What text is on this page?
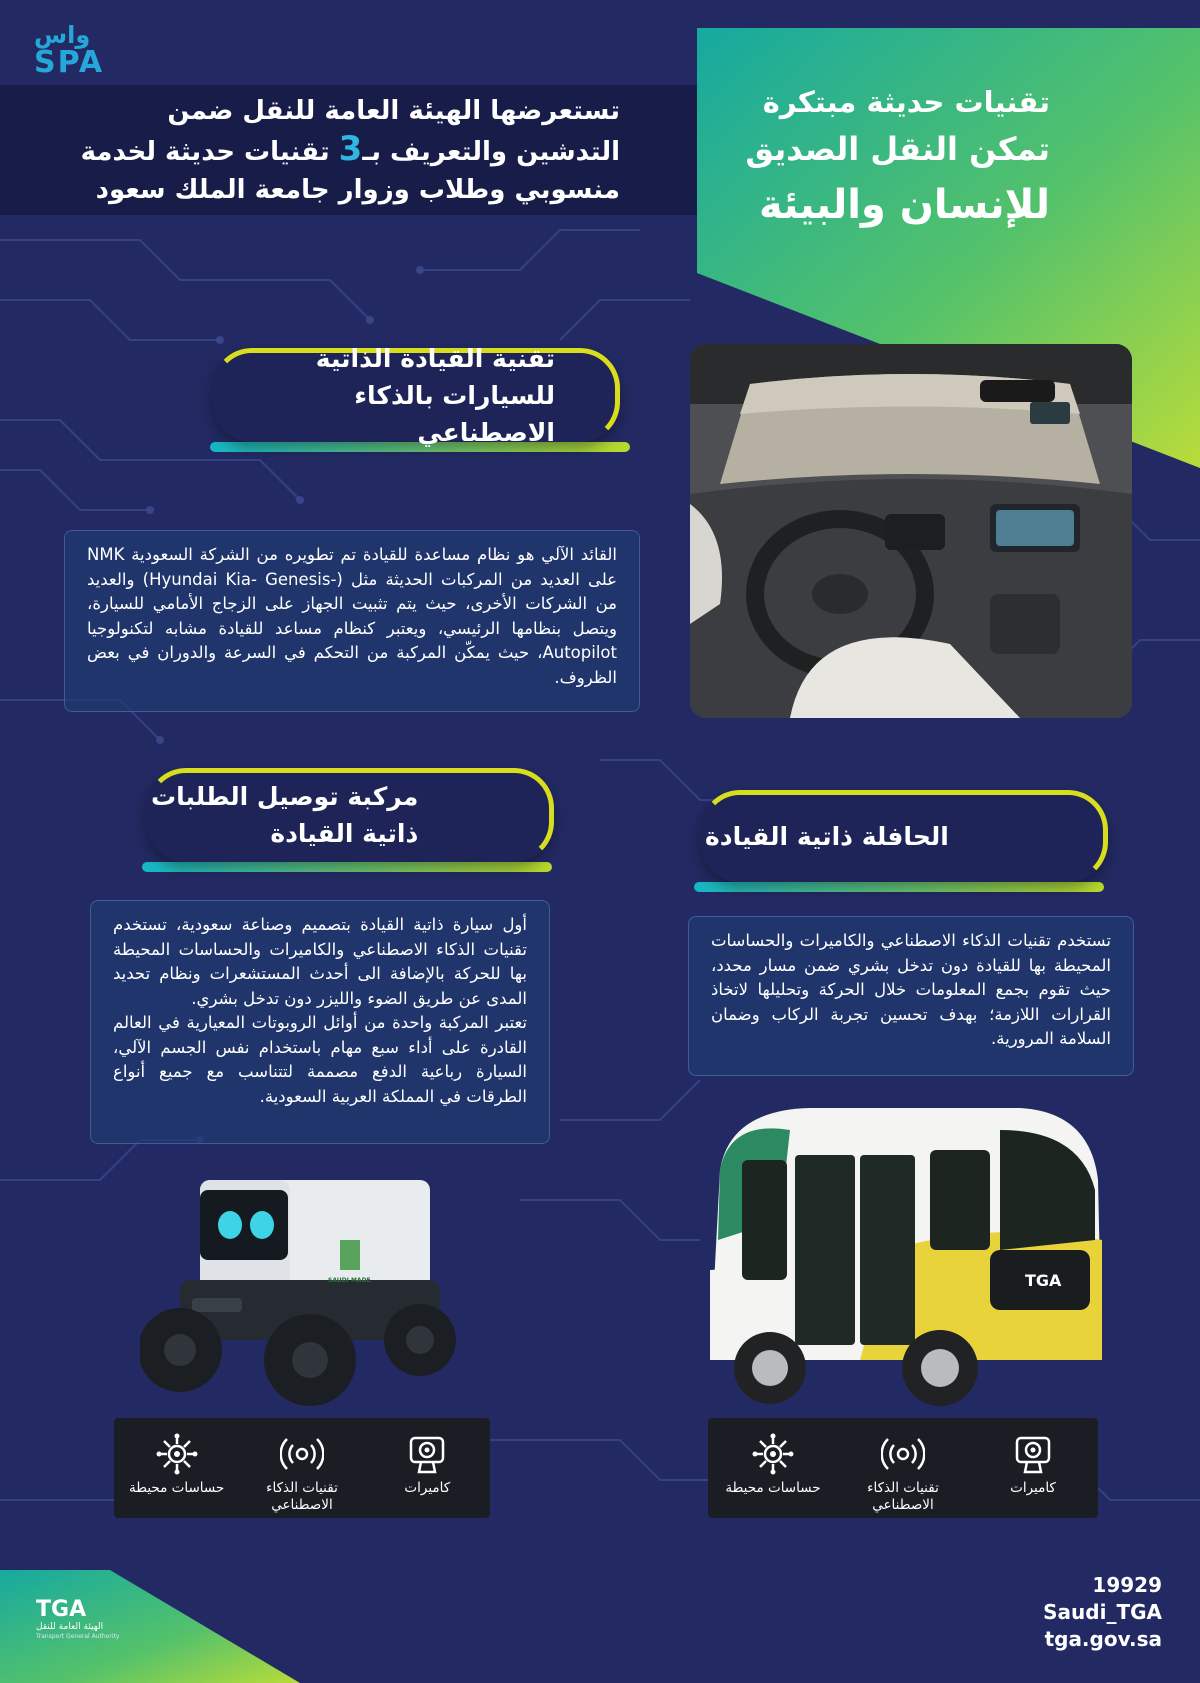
واس
SPA
تستعرضها الهيئة العامة للنقل ضمن
التدشين والتعريف بـ3 تقنيات حديثة لخدمة
منسوبي وطلاب وزوار جامعة الملك سعود
تقنيات حديثة مبتكرة
تمكن النقل الصديق
للإنسان والبيئة
تقنية القيادة الذاتية
للسيارات بالذكاء الاصطناعي
القائد الآلي هو نظام مساعدة للقيادة تم تطويره من الشركة السعودية NMK على العديد من المركبات الحديثة مثل (-Hyundai Kia- Genesis) والعديد من الشركات الأخرى، حيث يتم تثبيت الجهاز على الزجاج الأمامي للسيارة، ويتصل بنظامها الرئيسي، ويعتبر كنظام مساعد للقيادة مشابه لتكنولوجيا Autopilot، حيث يمكّن المركبة من التحكم في السرعة والدوران في بعض الظروف.
مركبة توصيل الطلبات
ذاتية القيادة
أول سيارة ذاتية القيادة بتصميم وصناعة سعودية، تستخدم تقنيات الذكاء الاصطناعي والكاميرات والحساسات المحيطة بها للحركة بالإضافة الى أحدث المستشعرات ونظام تحديد المدى عن طريق الضوء والليزر دون تدخل بشري.
تعتبر المركبة واحدة من أوائل الروبوتات المعيارية في العالم القادرة على أداء سبع مهام باستخدام نفس الجسم الآلي، السيارة رباعية الدفع مصممة لتتناسب مع جميع أنواع الطرقات في المملكة العربية السعودية.
الحافلة ذاتية القيادة
تستخدم تقنيات الذكاء الاصطناعي والكاميرات والحساسات المحيطة بها للقيادة دون تدخل بشري ضمن مسار محدد، حيث تقوم بجمع المعلومات خلال الحركة وتحليلها لاتخاذ القرارات اللازمة؛ بهدف تحسين تجربة الركاب وضمان السلامة المرورية.
SAUDI MADE	TGA
كاميرات
تقنيات الذكاء الاصطناعي
حساسات محيطة	كاميرات
تقنيات الذكاء الاصطناعي
حساسات محيطة
TGA
الهيئة العامة للنقل
Transport General Authority
19929
Saudi_TGA
tga.gov.sa
